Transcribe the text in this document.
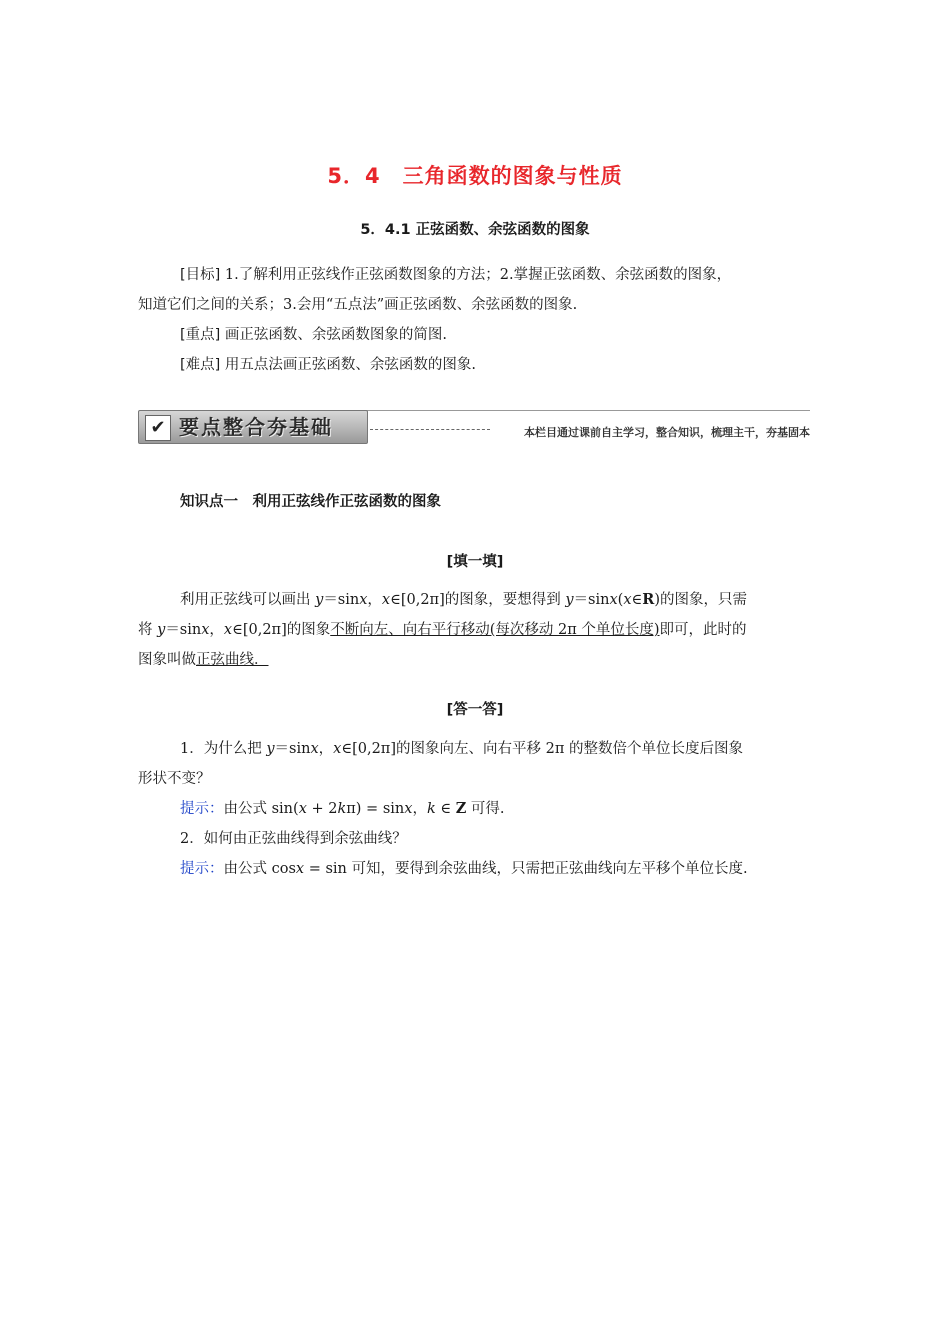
5．4　三角函数的图象与性质
5．4.1 正弦函数、余弦函数的图象

[目标] 1.了解利用正弦线作正弦函数图象的方法；2.掌握正弦函数、余弦函数的图象，

知道它们之间的关系；3.会用“五点法”画正弦函数、余弦函数的图象.

[重点] 画正弦函数、余弦函数图象的简图.

[难点] 用五点法画正弦函数、余弦函数的图象.

✔ 要点整合夯基础	本栏目通过课前自主学习，整合知识，梳理主干，夯基固本
知识点一　利用正弦线作正弦函数的图象
[填一填]

利用正弦线可以画出 y＝sinx，x∈[0,2π]的图象，要想得到 y＝sinx(x∈R)的图象，只需

将 y＝sinx，x∈[0,2π]的图象不断向左、向右平行移动(每次移动 2π 个单位长度)即可，此时的

图象叫做正弦曲线．

[答一答]

1．为什么把 y＝sinx，x∈[0,2π]的图象向左、向右平移 2π 的整数倍个单位长度后图象

形状不变？

提示：由公式 sin(x + 2kπ) = sinx，k ∈ Z 可得.

2．如何由正弦曲线得到余弦曲线？

提示：由公式 cosx = sin 可知，要得到余弦曲线，只需把正弦曲线向左平移个单位长度.
